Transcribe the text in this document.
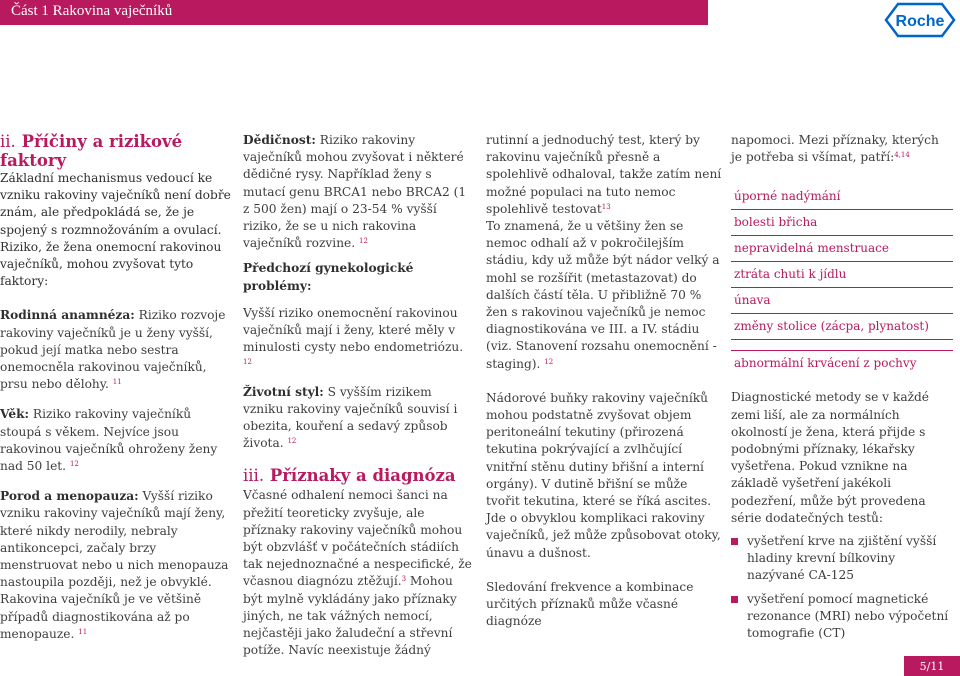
Část 1 Rakovina vaječníků
Roche
ii. Příčiny a rizikové faktory

Základní mechanismus vedoucí ke vzniku rakoviny vaječníků není dobře znám, ale předpokládá se, že je spojený s rozmnožováním a ovulací. Riziko, že žena onemocní rakovinou vaječníků, mohou zvyšovat tyto faktory:

Rodinná anamnéza: Riziko rozvoje rakoviny vaječníků je u ženy vyšší, pokud její matka nebo sestra onemocněla rakovinou vaječníků, prsu nebo dělohy. $^{11}$

Věk: Riziko rakoviny vaječníků stoupá s věkem. Nejvíce jsou rakovinou vaječníků ohroženy ženy nad 50 let. $^{12}$

Porod a menopauza: Vyšší riziko vzniku rakoviny vaječníků mají ženy, které nikdy nerodily, nebraly antikoncepci, začaly brzy menstruovat nebo u nich menopauza nastoupila později, než je obvyklé. Rakovina vaječníků je ve většině případů diagnostikována až po menopauze. $^{11}$

Dědičnost: Riziko rakoviny vaječníků mohou zvyšovat i některé dědičné rysy. Například ženy s mutací genu BRCA1 nebo BRCA2 (1 z 500 žen) mají o 23-54 % vyšší riziko, že se u nich rakovina vaječníků rozvine. $^{12}$

Předchozí gynekologické problémy:

Vyšší riziko onemocnění rakovinou vaječníků mají i ženy, které měly v minulosti cysty nebo endometriózu. $^{12}$

Životní styl: S vyšším rizikem vzniku rakoviny vaječníků souvisí i obezita, kouření a sedavý způsob života. $^{12}$

iii. Příznaky a diagnóza

Včasné odhalení nemoci šanci na přežití teoreticky zvyšuje, ale příznaky rakoviny vaječníků mohou být obzvlášť v počátečních stádiích tak nejednoznačné a nespecifické, že včasnou diagnózu ztěžují.$^3$ Mohou být mylně vykládány jako příznaky jiných, ne tak vážných nemocí, nejčastěji jako žaludeční a střevní potíže. Navíc neexistuje žádný

rutinní a jednoduchý test, který by rakovinu vaječníků přesně a spolehlivě odhaloval, takže zatím není možné populaci na tuto nemoc spolehlivě testovat$^{13}$

To znamená, že u většiny žen se nemoc odhalí až v pokročilejším stádiu, kdy už může být nádor velký a mohl se rozšířit (metastazovat) do dalších částí těla. U přibližně 70 % žen s rakovinou vaječníků je nemoc diagnostikována ve III. a IV. stádiu (viz. Stanovení rozsahu onemocnění - staging). $^{12}$

Nádorové buňky rakoviny vaječníků mohou podstatně zvyšovat objem peritoneální tekutiny (přirozená tekutina pokrývající a zvlhčující vnitřní stěnu dutiny břišní a interní orgány). V dutině břišní se může tvořit tekutina, které se říká ascites. Jde o obvyklou komplikaci rakoviny vaječníků, jež může způsobovat otoky, únavu a dušnost.

Sledování frekvence a kombinace určitých příznaků může včasné diagnóze

napomoci. Mezi příznaky, kterých je potřeba si všímat, patří:$^{4,14}$

úporné nadýmání
bolesti břicha
nepravidelná menstruace
ztráta chuti k jídlu
únava
změny stolice (zácpa, plynatost)
abnormální krvácení z pochvy

Diagnostické metody se v každé zemi liší, ale za normálních okolností je žena, která přijde s podobnými příznaky, lékařsky vyšetřena. Pokud vznikne na základě vyšetření jakékoli podezření, může být provedena série dodatečných testů:

vyšetření krve na zjištění vyšší hladiny krevní bílkoviny nazývané CA-125
vyšetření pomocí magnetické rezonance (MRI) nebo výpočetní tomografie (CT)
5/11
